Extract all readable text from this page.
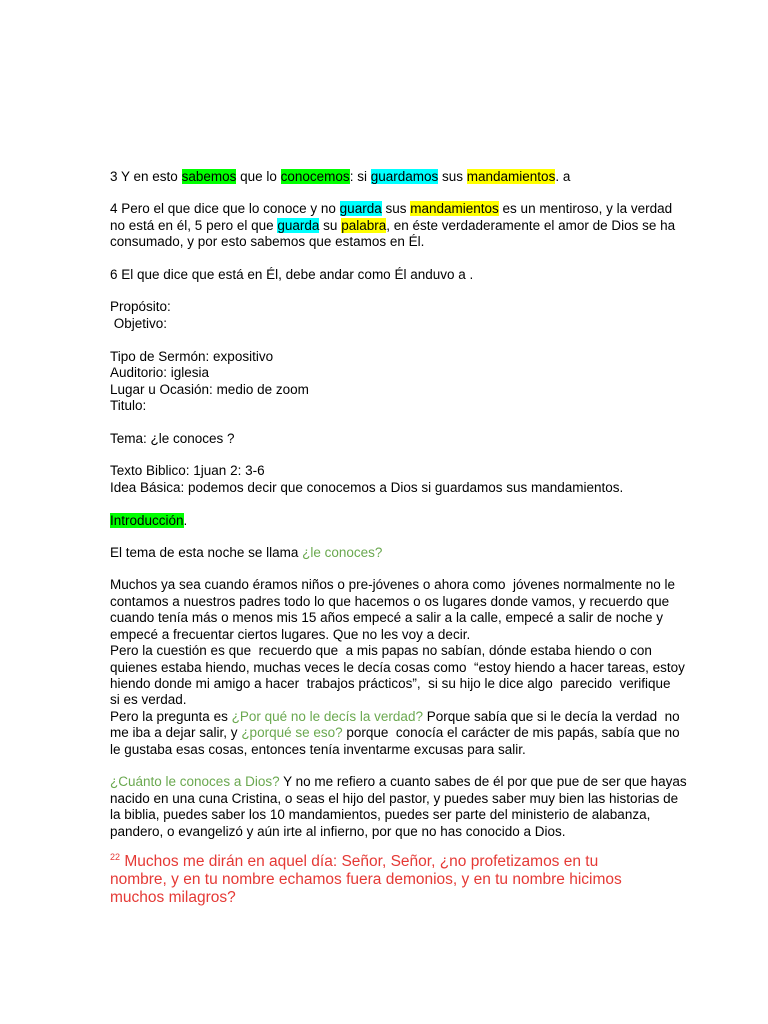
3 Y en esto sabemos que lo conocemos: si guardamos sus mandamientos. a
4 Pero el que dice que lo conoce y no guarda sus mandamientos es un mentiroso, y la verdad
no está en él, 5 pero el que guarda su palabra, en éste verdaderamente el amor de Dios se ha
consumado, y por esto sabemos que estamos en Él.
6 El que dice que está en Él, debe andar como Él anduvo a .
Propósito:
Objetivo:
Tipo de Sermón: expositivo
Auditorio: iglesia
Lugar u Ocasión: medio de zoom
Titulo:
Tema: ¿le conoces ?
Texto Biblico: 1juan 2: 3-6
Idea Básica: podemos decir que conocemos a Dios si guardamos sus mandamientos.
Introducción.
El tema de esta noche se llama ¿le conoces?
Muchos ya sea cuando éramos niños o pre-jóvenes o ahora como  jóvenes normalmente no le
contamos a nuestros padres todo lo que hacemos o os lugares donde vamos, y recuerdo que
cuando tenía más o menos mis 15 años empecé a salir a la calle, empecé a salir de noche y
empecé a frecuentar ciertos lugares. Que no les voy a decir.
Pero la cuestión es que  recuerdo que  a mis papas no sabían, dónde estaba hiendo o con
quienes estaba hiendo, muchas veces le decía cosas como  “estoy hiendo a hacer tareas, estoy
hiendo donde mi amigo a hacer  trabajos prácticos”,  si su hijo le dice algo  parecido  verifique
si es verdad.
Pero la pregunta es ¿Por qué no le decís la verdad? Porque sabía que si le decía la verdad  no
me iba a dejar salir, y ¿porqué se eso? porque  conocía el carácter de mis papás, sabía que no
le gustaba esas cosas, entonces tenía inventarme excusas para salir.
¿Cuánto le conoces a Dios? Y no me refiero a cuanto sabes de él por que pue de ser que hayas
nacido en una cuna Cristina, o seas el hijo del pastor, y puedes saber muy bien las historias de
la biblia, puedes saber los 10 mandamientos, puedes ser parte del ministerio de alabanza,
pandero, o evangelizó y aún irte al infierno, por que no has conocido a Dios.
$^{22}$ Muchos me dirán en aquel día: Señor, Señor, ¿no profetizamos en tu
nombre, y en tu nombre echamos fuera demonios, y en tu nombre hicimos
muchos milagros?
